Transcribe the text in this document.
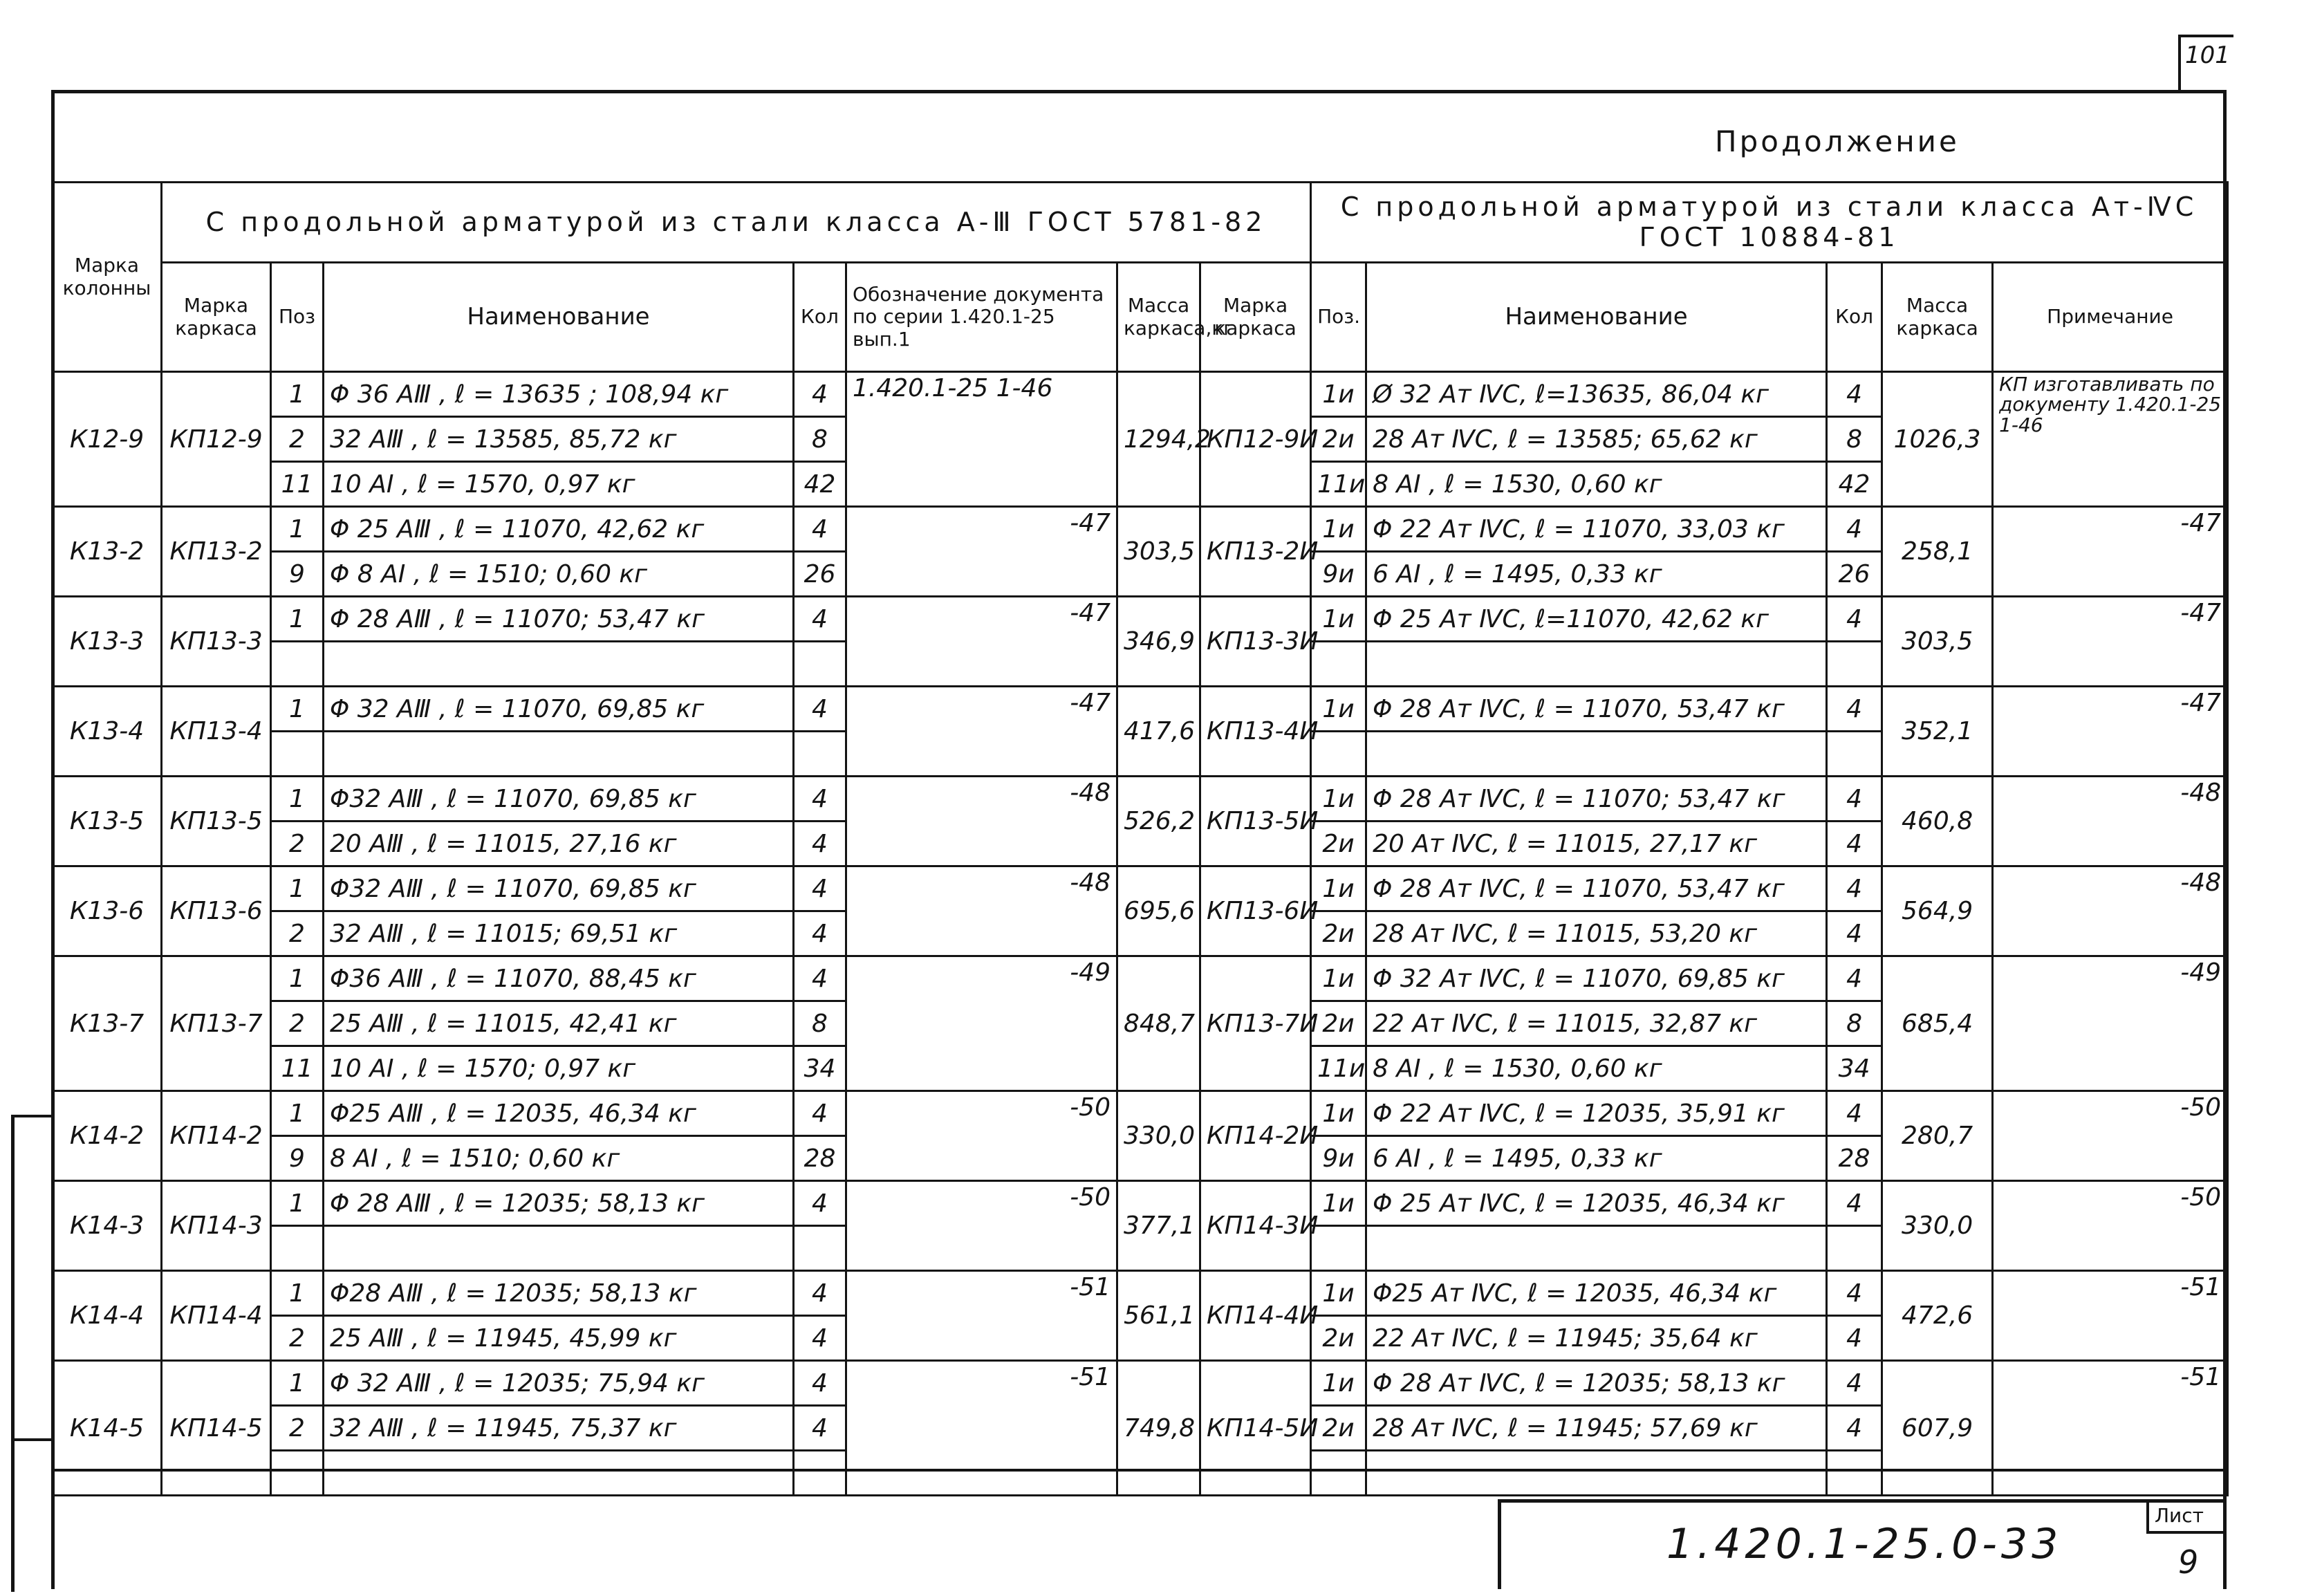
101
Продолжение
Марка колонны	С продольной арматурой из стали класса А-Ⅲ ГОСТ 5781-82							С продольной арматурой из стали класса Ат-ⅣС ГОСТ 10884-81				
	Марка каркаса	Поз	Наименование	Кол	Обозначение документа по серии 1.420.1-25 вып.1	Масса каркаса,кг	Марка каркаса	Поз.	Наименование	Кол	Масса каркаса	Примечание
К12-9	КП12-9	1	Φ 36 АⅢ , ℓ = 13635 ; 108,94 кг	4	1.420.1-25 1-46	1294,2	КП12-9И	1и	Ø 32 Ат ⅣС, ℓ=13635, 86,04 кг	4	1026,3	КП изготавливать по документу 1.420.1-25 1-46
		2	32 АⅢ , ℓ = 13585, 85,72 кг	8				2и	28 Ат ⅣС, ℓ = 13585; 65,62 кг	8		
		11	10 АⅠ , ℓ = 1570, 0,97 кг	42				11и	8 АⅠ , ℓ = 1530, 0,60 кг	42		
К13-2	КП13-2	1	Φ 25 АⅢ , ℓ = 11070, 42,62 кг	4	-47	303,5	КП13-2И	1и	Φ 22 Ат ⅣС, ℓ = 11070, 33,03 кг	4	258,1	-47
		9	Φ 8 АⅠ , ℓ = 1510; 0,60 кг	26				9и	6 АⅠ , ℓ = 1495, 0,33 кг	26		
К13-3	КП13-3	1	Φ 28 АⅢ , ℓ = 11070; 53,47 кг	4	-47	346,9	КП13-3И	1и	Φ 25 Ат ⅣС, ℓ=11070, 42,62 кг	4	303,5	-47

К13-4	КП13-4	1	Φ 32 АⅢ , ℓ = 11070, 69,85 кг	4	-47	417,6	КП13-4И	1и	Φ 28 Ат ⅣС, ℓ = 11070, 53,47 кг	4	352,1	-47

К13-5	КП13-5	1	Φ32 АⅢ , ℓ = 11070, 69,85 кг	4	-48	526,2	КП13-5И	1и	Φ 28 Ат ⅣС, ℓ = 11070; 53,47 кг	4	460,8	-48
		2	20 АⅢ , ℓ = 11015, 27,16 кг	4				2и	20 Ат ⅣС, ℓ = 11015, 27,17 кг	4		
К13-6	КП13-6	1	Φ32 АⅢ , ℓ = 11070, 69,85 кг	4	-48	695,6	КП13-6И	1и	Φ 28 Ат ⅣС, ℓ = 11070, 53,47 кг	4	564,9	-48
		2	32 АⅢ , ℓ = 11015; 69,51 кг	4				2и	28 Ат ⅣС, ℓ = 11015, 53,20 кг	4		
К13-7	КП13-7	1	Φ36 АⅢ , ℓ = 11070, 88,45 кг	4	-49	848,7	КП13-7И	1и	Φ 32 Ат ⅣС, ℓ = 11070, 69,85 кг	4	685,4	-49
		2	25 АⅢ , ℓ = 11015, 42,41 кг	8				2и	22 Ат ⅣС, ℓ = 11015, 32,87 кг	8		
		11	10 АⅠ , ℓ = 1570; 0,97 кг	34				11и	8 АⅠ , ℓ = 1530, 0,60 кг	34		
К14-2	КП14-2	1	Φ25 АⅢ , ℓ = 12035, 46,34 кг	4	-50	330,0	КП14-2И	1и	Φ 22 Ат ⅣС, ℓ = 12035, 35,91 кг	4	280,7	-50
		9	8 АⅠ , ℓ = 1510; 0,60 кг	28				9и	6 АⅠ , ℓ = 1495, 0,33 кг	28		
К14-3	КП14-3	1	Φ 28 АⅢ , ℓ = 12035; 58,13 кг	4	-50	377,1	КП14-3И	1и	Φ 25 Ат ⅣС, ℓ = 12035, 46,34 кг	4	330,0	-50

К14-4	КП14-4	1	Φ28 АⅢ , ℓ = 12035; 58,13 кг	4	-51	561,1	КП14-4И	1и	Φ25 Ат ⅣС, ℓ = 12035, 46,34 кг	4	472,6	-51
		2	25 АⅢ , ℓ = 11945, 45,99 кг	4				2и	22 Ат ⅣС, ℓ = 11945; 35,64 кг	4		
К14-5	КП14-5	1	Φ 32 АⅢ , ℓ = 12035; 75,94 кг	4	-51	749,8	КП14-5И	1и	Φ 28 Ат ⅣС, ℓ = 12035; 58,13 кг	4	607,9	-51
		2	32 АⅢ , ℓ = 11945, 75,37 кг	4				2и	28 Ат ⅣС, ℓ = 11945; 57,69 кг	4		

1.420.1-25.0-33
Лист
9
